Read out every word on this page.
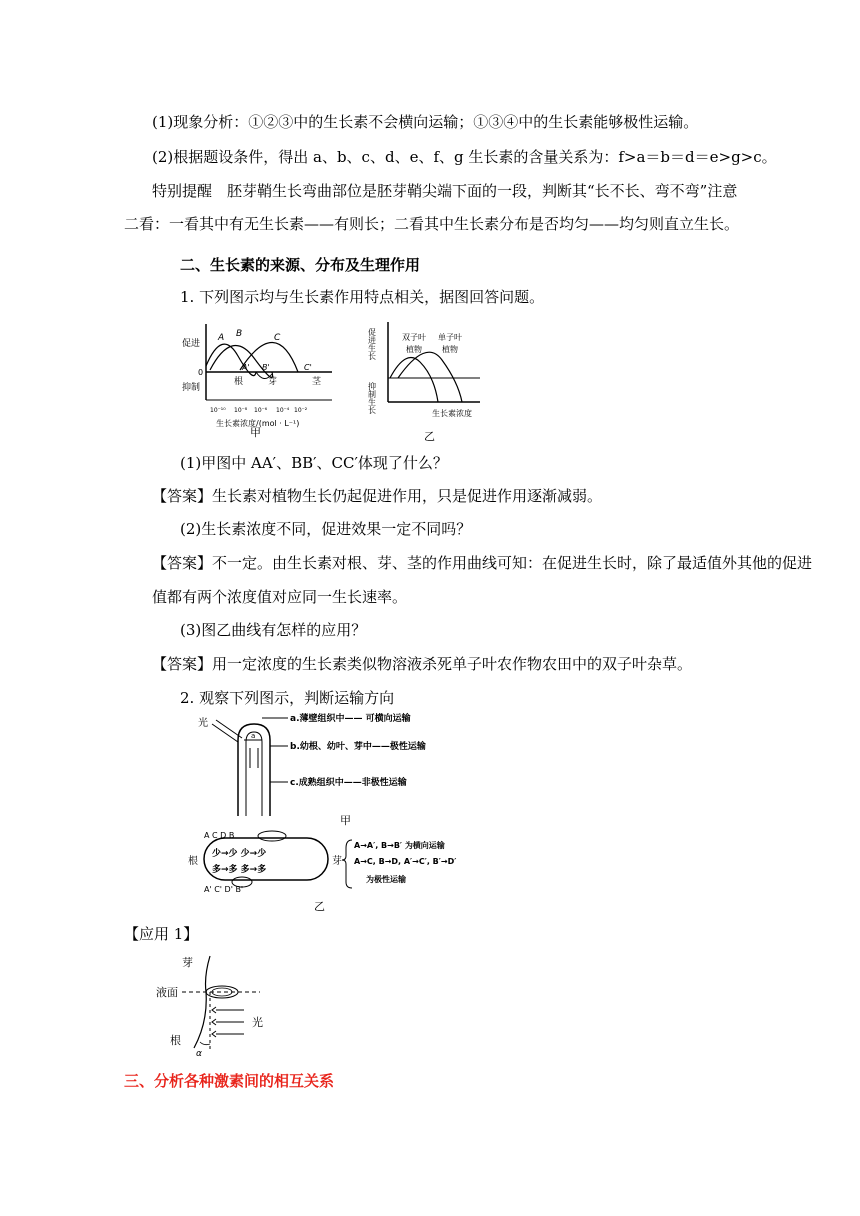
(1)现象分析：①②③中的生长素不会横向运输；①③④中的生长素能够极性运输。
(2)根据题设条件，得出 a、b、c、d、e、f、g 生长素的含量关系为：f>a＝b＝d＝e>g>c。
特别提醒　胚芽鞘生长弯曲部位是胚芽鞘尖端下面的一段，判断其“长不长、弯不弯”注意
二看：一看其中有无生长素——有则长；二看其中生长素分布是否均匀——均匀则直立生长。
二、生长素的来源、分布及生理作用
1. 下列图示均与生长素作用特点相关，据图回答问题。
促进
抑制
0
A B	C
A' B'	C'
根	芽	茎
10⁻¹⁰ 10⁻⁸ 10⁻⁶ 10⁻⁴ 10⁻²
生长素浓度/(mol · L⁻¹)
甲
促进生长
抑制生长
双子叶
植物
单子叶
植物
生长素浓度
乙
(1)甲图中 AA′、BB′、CC′体现了什么？
【答案】生长素对植物生长仍起促进作用，只是促进作用逐渐减弱。
(2)生长素浓度不同，促进效果一定不同吗？
【答案】不一定。由生长素对根、芽、茎的作用曲线可知：在促进生长时，除了最适值外其他的促进
值都有两个浓度值对应同一生长速率。
(3)图乙曲线有怎样的应用？
【答案】用一定浓度的生长素类似物溶液杀死单子叶农作物农田中的双子叶杂草。
2. 观察下列图示，判断运输方向
光
a
a.薄壁组织中—— 可横向运输
b.幼根、幼叶、芽中——极性运输
c.成熟组织中——非极性运输
甲
A C D B
少→少 少→少
多→多 多→多
A' C' D' B'
根	芽
A→A′, B→B′ 为横向运输
A→C, B→D, A′→C′, B′→D′
为极性运输
乙
【应用 1】
芽
液面
光
根
α
三、分析各种激素间的相互关系
